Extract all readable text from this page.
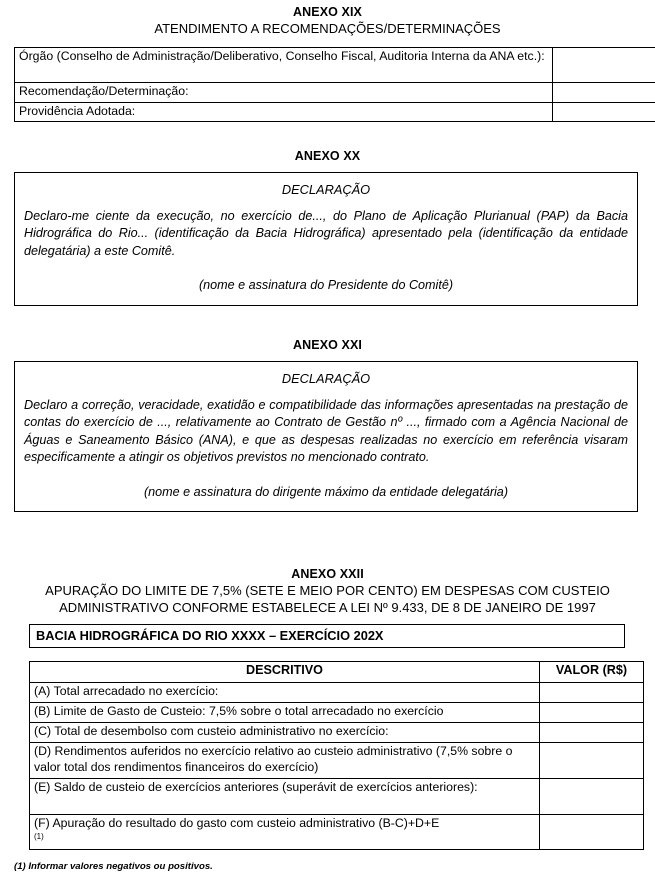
ANEXO XIX
ATENDIMENTO A RECOMENDAÇÕES/DETERMINAÇÕES
Órgão (Conselho de Administração/Deliberativo, Conselho Fiscal, Auditoria Interna da ANA etc.):	
Recomendação/Determinação:	
Providência Adotada:	
ANEXO XX
DECLARAÇÃO
Declaro-me ciente da execução, no exercício de..., do Plano de Aplicação Plurianual (PAP) da Bacia Hidrográfica do Rio... (identificação da Bacia Hidrográfica) apresentado pela (identificação da entidade delegatária) a este Comitê.
(nome e assinatura do Presidente do Comitê)
ANEXO XXI
DECLARAÇÃO
Declaro a correção, veracidade, exatidão e compatibilidade das informações apresentadas na prestação de contas do exercício de ..., relativamente ao Contrato de Gestão nº ..., firmado com a Agência Nacional de Águas e Saneamento Básico (ANA), e que as despesas realizadas no exercício em referência visaram especificamente a atingir os objetivos previstos no mencionado contrato.
(nome e assinatura do dirigente máximo da entidade delegatária)
ANEXO XXII
APURAÇÃO DO LIMITE DE 7,5% (SETE E MEIO POR CENTO) EM DESPESAS COM CUSTEIO
ADMINISTRATIVO CONFORME ESTABELECE A LEI Nº 9.433, DE 8 DE JANEIRO DE 1997
BACIA HIDROGRÁFICA DO RIO XXXX – EXERCÍCIO 202X
DESCRITIVO	VALOR (R$)
(A) Total arrecadado no exercício:	
(B) Limite de Gasto de Custeio: 7,5% sobre o total arrecadado no exercício	
(C) Total de desembolso com custeio administrativo no exercício:	
(D) Rendimentos auferidos no exercício relativo ao custeio administrativo (7,5% sobre o valor total dos rendimentos financeiros do exercício)	
(E) Saldo de custeio de exercícios anteriores (superávit de exercícios anteriores):	
(F) Apuração do resultado do gasto com custeio administrativo (B-C)+D+E
(1)	

(1) Informar valores negativos ou positivos.
